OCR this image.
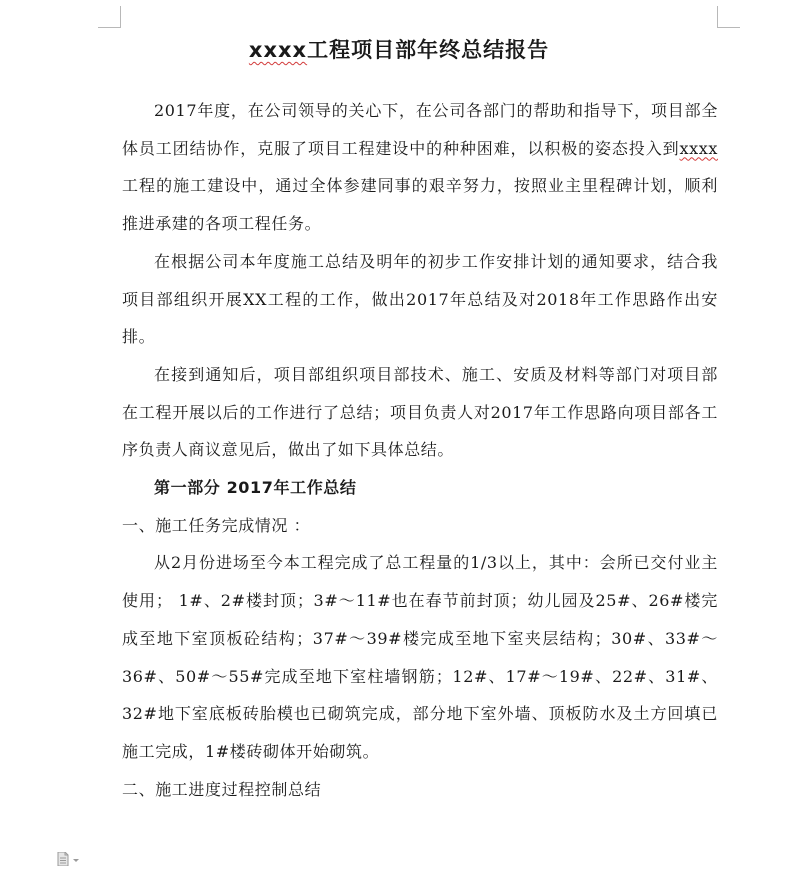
xxxx工程项目部年终总结报告

2017年度，在公司领导的关心下，在公司各部门的帮助和指导下，项目部全体员工团结协作，克服了项目工程建设中的种种困难，以积极的姿态投入到xxxx工程的施工建设中，通过全体参建同事的艰辛努力，按照业主里程碑计划，顺利推进承建的各项工程任务。

在根据公司本年度施工总结及明年的初步工作安排计划的通知要求，结合我项目部组织开展XX工程的工作，做出2017年总结及对2018年工作思路作出安排。

在接到通知后，项目部组织项目部技术、施工、安质及材料等部门对项目部在工程开展以后的工作进行了总结；项目负责人对2017年工作思路向项目部各工序负责人商议意见后，做出了如下具体总结。

第一部分 2017年工作总结

一、施工任务完成情况 ：

从2月份进场至今本工程完成了总工程量的1/3以上，其中：会所已交付业主使用； 1#、2#楼封顶；3#～11#也在春节前封顶；幼儿园及25#、26#楼完成至地下室顶板砼结构；37#～39#楼完成至地下室夹层结构；30#、33#～36#、50#～55#完成至地下室柱墙钢筋；12#、17#～19#、22#、31#、32#地下室底板砖胎模也已砌筑完成，部分地下室外墙、顶板防水及土方回填已施工完成，1#楼砖砌体开始砌筑。

二、施工进度过程控制总结
